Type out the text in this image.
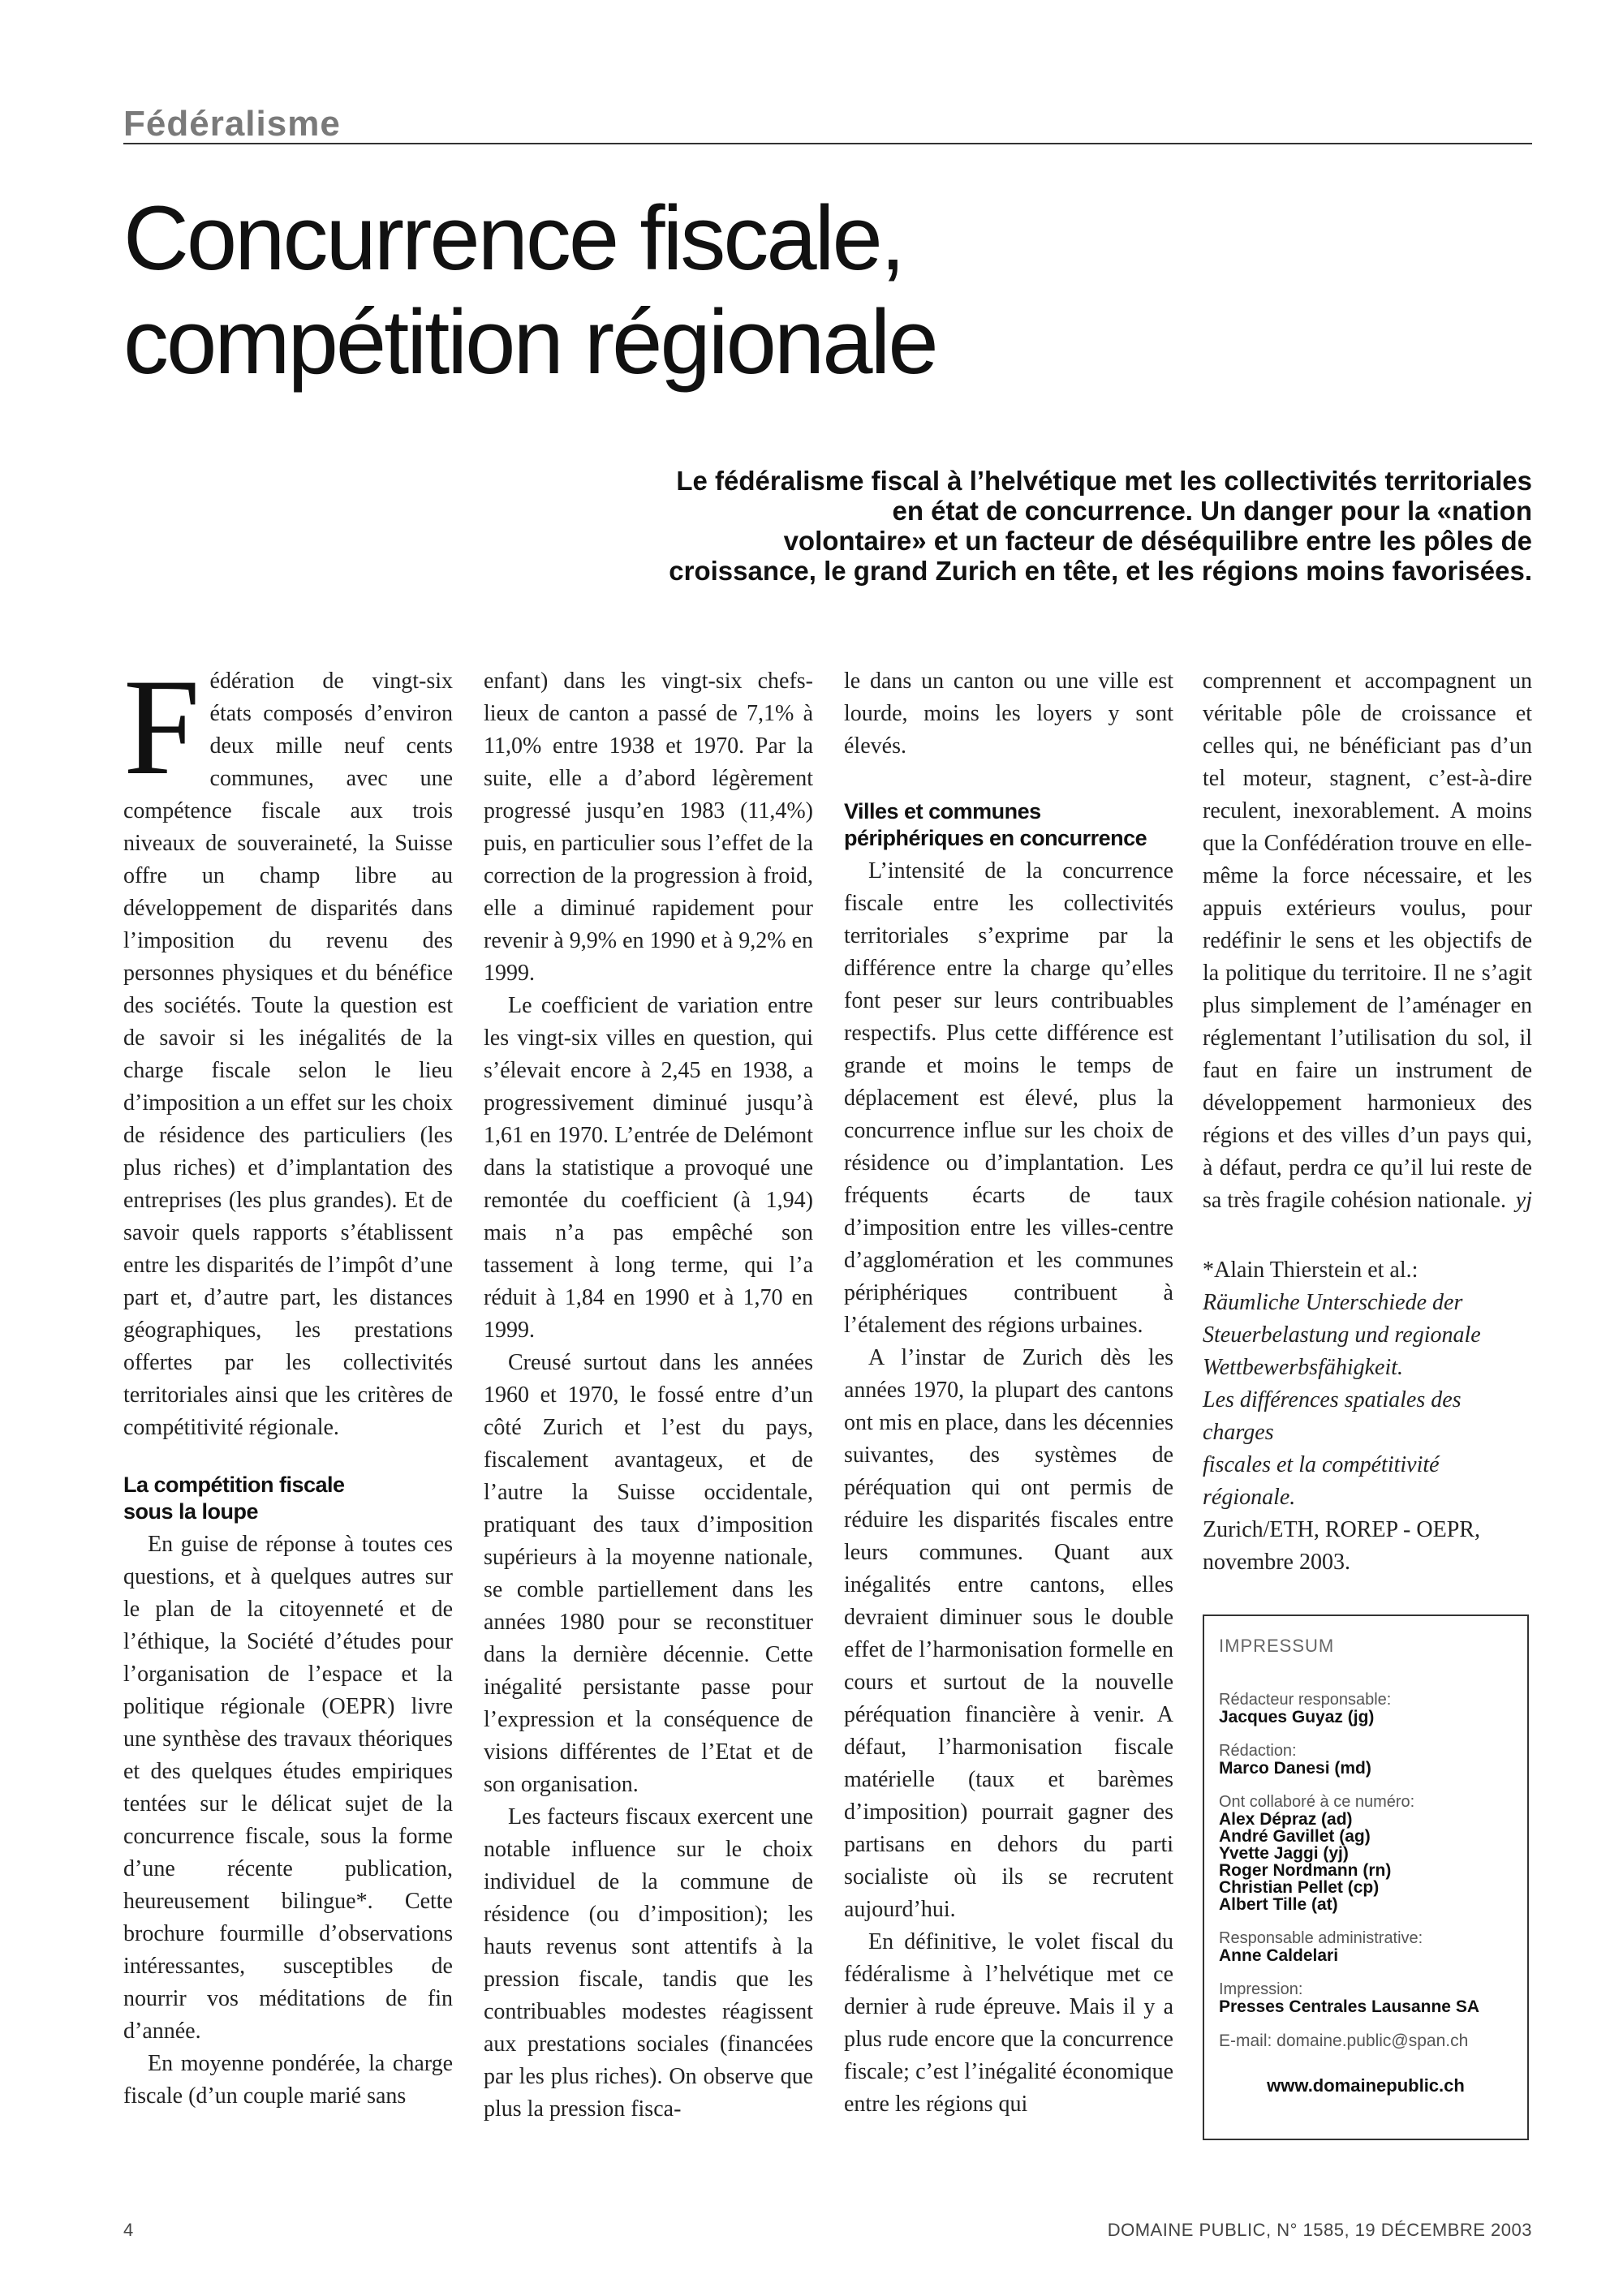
Fédéralisme
Concurrence fiscale,
compétition régionale
Le fédéralisme fiscal à l’helvétique met les collectivités territoriales
en état de concurrence. Un danger pour la «nation
volontaire» et un facteur de déséquilibre entre les pôles de
croissance, le grand Zurich en tête, et les régions moins favorisées.

Fédération de vingt-six états composés d’environ deux mille neuf cents communes, avec une compétence fiscale aux trois niveaux de souveraineté, la Suisse offre un champ libre au développement de disparités dans l’imposition du revenu des personnes physiques et du bénéfice des sociétés. Toute la question est de savoir si les inégalités de la charge fiscale selon le lieu d’imposition a un effet sur les choix de résidence des particuliers (les plus riches) et d’implantation des entreprises (les plus grandes). Et de savoir quels rapports s’établissent entre les disparités de l’impôt d’une part et, d’autre part, les distances géographiques, les prestations offertes par les collectivités territoriales ainsi que les critères de compétitivité régionale.

La compétition fiscale
sous la loupe

En guise de réponse à toutes ces questions, et à quelques autres sur le plan de la citoyenneté et de l’éthique, la Société d’études pour l’organisation de l’espace et la politique régionale (OEPR) livre une synthèse des travaux théoriques et des quelques études empiriques tentées sur le délicat sujet de la concurrence fiscale, sous la forme d’une récente publication, heureusement bilingue*. Cette brochure fourmille d’observations intéressantes, susceptibles de nourrir vos méditations de fin d’année.

En moyenne pondérée, la charge fiscale (d’un couple marié sans

enfant) dans les vingt-six chefs-lieux de canton a passé de 7,1% à 11,0% entre 1938 et 1970. Par la suite, elle a d’abord légèrement progressé jusqu’en 1983 (11,4%) puis, en particulier sous l’effet de la correction de la progression à froid, elle a diminué rapidement pour revenir à 9,9% en 1990 et à 9,2% en 1999.

Le coefficient de variation entre les vingt-six villes en question, qui s’élevait encore à 2,45 en 1938, a progressivement diminué jusqu’à 1,61 en 1970. L’entrée de Delémont dans la statistique a provoqué une remontée du coefficient (à 1,94) mais n’a pas empêché son tassement à long terme, qui l’a réduit à 1,84 en 1990 et à 1,70 en 1999.

Creusé surtout dans les années 1960 et 1970, le fossé entre d’un côté Zurich et l’est du pays, fiscalement avantageux, et de l’autre la Suisse occidentale, pratiquant des taux d’imposition supérieurs à la moyenne nationale, se comble partiellement dans les années 1980 pour se reconstituer dans la dernière décennie. Cette inégalité persistante passe pour l’expression et la conséquence de visions différentes de l’Etat et de son organisation.

Les facteurs fiscaux exercent une notable influence sur le choix individuel de la commune de résidence (ou d’imposition); les hauts revenus sont attentifs à la pression fiscale, tandis que les contribuables modestes réagissent aux prestations sociales (financées par les plus riches). On observe que plus la pression fisca-

le dans un canton ou une ville est lourde, moins les loyers y sont élevés.

Villes et communes
périphériques en concurrence

L’intensité de la concurrence fiscale entre les collectivités territoriales s’exprime par la différence entre la charge qu’elles font peser sur leurs contribuables respectifs. Plus cette différence est grande et moins le temps de déplacement est élevé, plus la concurrence influe sur les choix de résidence ou d’implantation. Les fréquents écarts de taux d’imposition entre les villes-centre d’agglomération et les communes périphériques contribuent à l’étalement des régions urbaines.

A l’instar de Zurich dès les années 1970, la plupart des cantons ont mis en place, dans les décennies suivantes, des systèmes de péréquation qui ont permis de réduire les disparités fiscales entre leurs communes. Quant aux inégalités entre cantons, elles devraient diminuer sous le double effet de l’harmonisation formelle en cours et surtout de la nouvelle péréquation financière à venir. A défaut, l’harmonisation fiscale matérielle (taux et barèmes d’imposition) pourrait gagner des partisans en dehors du parti socialiste où ils se recrutent aujourd’hui.

En définitive, le volet fiscal du fédéralisme à l’helvétique met ce dernier à rude épreuve. Mais il y a plus rude encore que la concurrence fiscale; c’est l’inégalité économique entre les régions qui

comprennent et accompagnent un véritable pôle de croissance et celles qui, ne bénéficiant pas d’un tel moteur, stagnent, c’est-à-dire reculent, inexorablement. A moins que la Confédération trouve en elle-même la force nécessaire, et les appuis extérieurs voulus, pour redéfinir le sens et les objectifs de la politique du territoire. Il ne s’agit plus simplement de l’aménager en réglementant l’utilisation du sol, il faut en faire un instrument de développement harmonieux des régions et des villes d’un pays qui, à défaut, perdra ce qu’il lui reste de sa très fragile cohésion nationale. yj

*Alain Thierstein et al.:
Räumliche Unterschiede der
Steuerbelastung und regionale
Wettbewerbsfähigkeit.
Les différences spatiales des charges
fiscales et la compétitivité
régionale.
Zurich/ETH, ROREP - OEPR,
novembre 2003.

IMPRESSUM
Rédacteur responsable:
Jacques Guyaz (jg)
Rédaction:
Marco Danesi (md)
Ont collaboré à ce numéro:
Alex Dépraz (ad)
André Gavillet (ag)
Yvette Jaggi (yj)
Roger Nordmann (rn)
Christian Pellet (cp)
Albert Tille (at)
Responsable administrative:
Anne Caldelari
Impression:
Presses Centrales Lausanne SA
E-mail: domaine.public@span.ch
www.domainepublic.ch
4	DOMAINE PUBLIC, N° 1585, 19 DÉCEMBRE 2003
